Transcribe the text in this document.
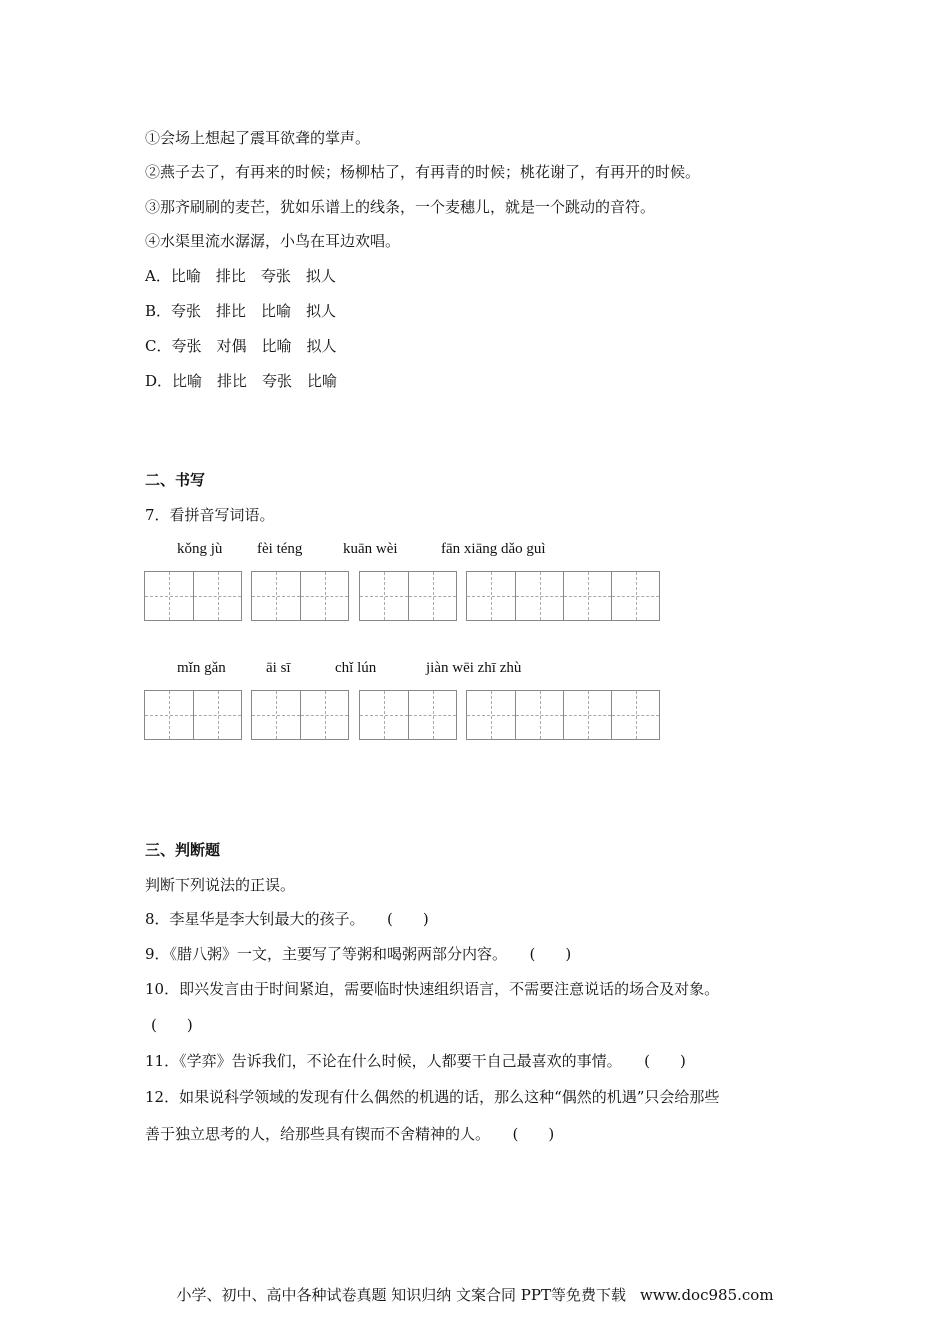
①会场上想起了震耳欲聋的掌声。
②燕子去了，有再来的时候；杨柳枯了，有再青的时候；桃花谢了，有再开的时候。
③那齐刷刷的麦芒，犹如乐谱上的线条，一个麦穗儿，就是一个跳动的音符。
④水渠里流水潺潺，小鸟在耳边欢唱。
A．比喻　排比　夸张　拟人
B．夸张　排比　比喻　拟人
C．夸张　对偶　比喻　拟人
D．比喻　排比　夸张　比喻
二、书写
7．看拼音写词语。
kǒng jù fèi téng	kuān wèi	fān xiāng dǎo guì
mǐn gǎn	āi sī	chǐ lún	jiàn wēi zhī zhù
三、判断题
判断下列说法的正误。
8．李星华是李大钊最大的孩子。　　(　　)
9．《腊八粥》一文，主要写了等粥和喝粥两部分内容。　　(　　)
10．即兴发言由于时间紧迫，需要临时快速组织语言，不需要注意说话的场合及对象。
(　　)
11．《学弈》告诉我们，不论在什么时候，人都要干自己最喜欢的事情。　　(　　)
12．如果说科学领域的发现有什么偶然的机遇的话，那么这种“偶然的机遇”只会给那些
善于独立思考的人，给那些具有锲而不舍精神的人。　　(　　)
小学、初中、高中各种试卷真题 知识归纳 文案合同 PPT等免费下载 www.doc985.com
